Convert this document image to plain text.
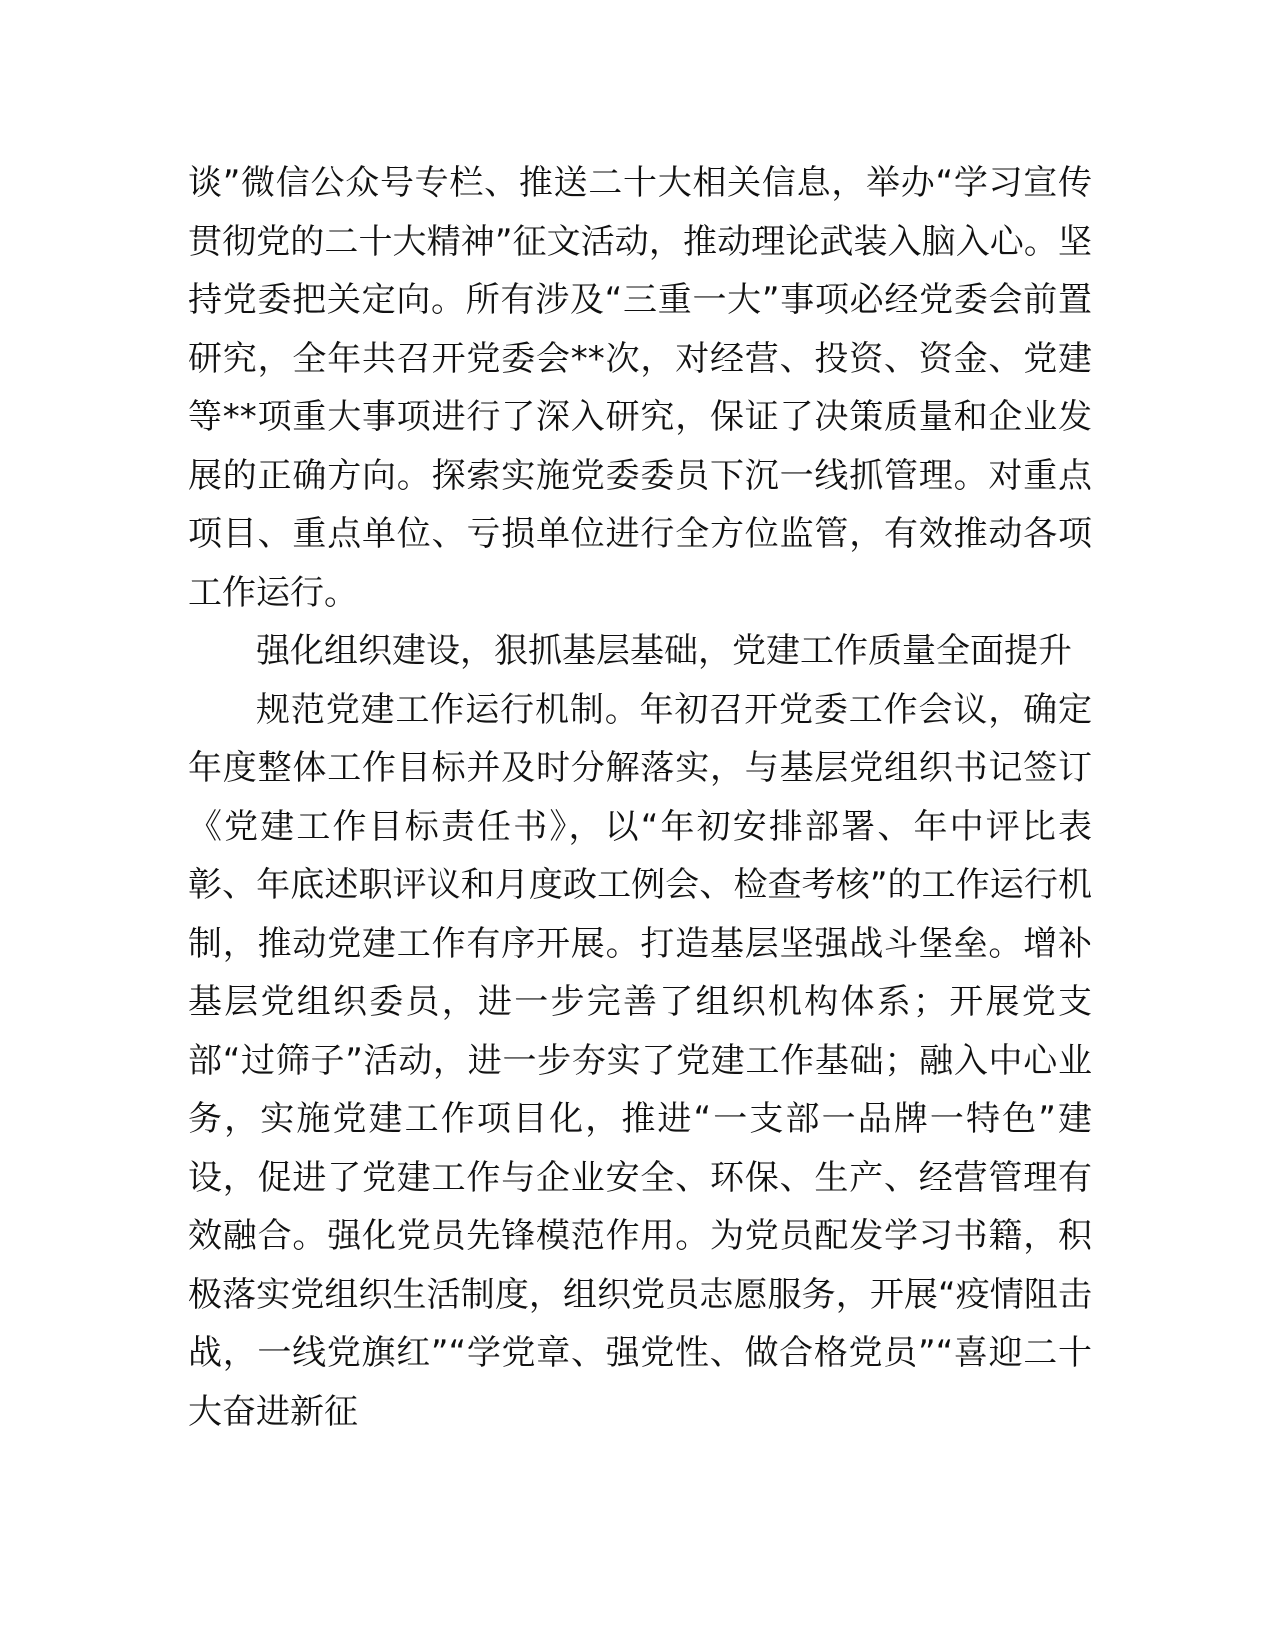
谈”微信公众号专栏、推送二十大相关信息，举办“学习宣传贯彻党的二十大精神”征文活动，推动理论武装入脑入心。坚持党委把关定向。所有涉及“三重一大”事项必经党委会前置研究，全年共召开党委会**次，对经营、投资、资金、党建等**项重大事项进行了深入研究，保证了决策质量和企业发展的正确方向。探索实施党委委员下沉一线抓管理。对重点项目、重点单位、亏损单位进行全方位监管，有效推动各项工作运行。

强化组织建设，狠抓基层基础，党建工作质量全面提升

规范党建工作运行机制。年初召开党委工作会议，确定年度整体工作目标并及时分解落实，与基层党组织书记签订《党建工作目标责任书》，以“年初安排部署、年中评比表彰、年底述职评议和月度政工例会、检查考核”的工作运行机制，推动党建工作有序开展。打造基层坚强战斗堡垒。增补基层党组织委员，进一步完善了组织机构体系；开展党支部“过筛子”活动，进一步夯实了党建工作基础；融入中心业务，实施党建工作项目化，推进“一支部一品牌一特色”建设，促进了党建工作与企业安全、环保、生产、经营管理有效融合。强化党员先锋模范作用。为党员配发学习书籍，积极落实党组织生活制度，组织党员志愿服务，开展“疫情阻击战，一线党旗红”“学党章、强党性、做合格党员”“喜迎二十大奋进新征
